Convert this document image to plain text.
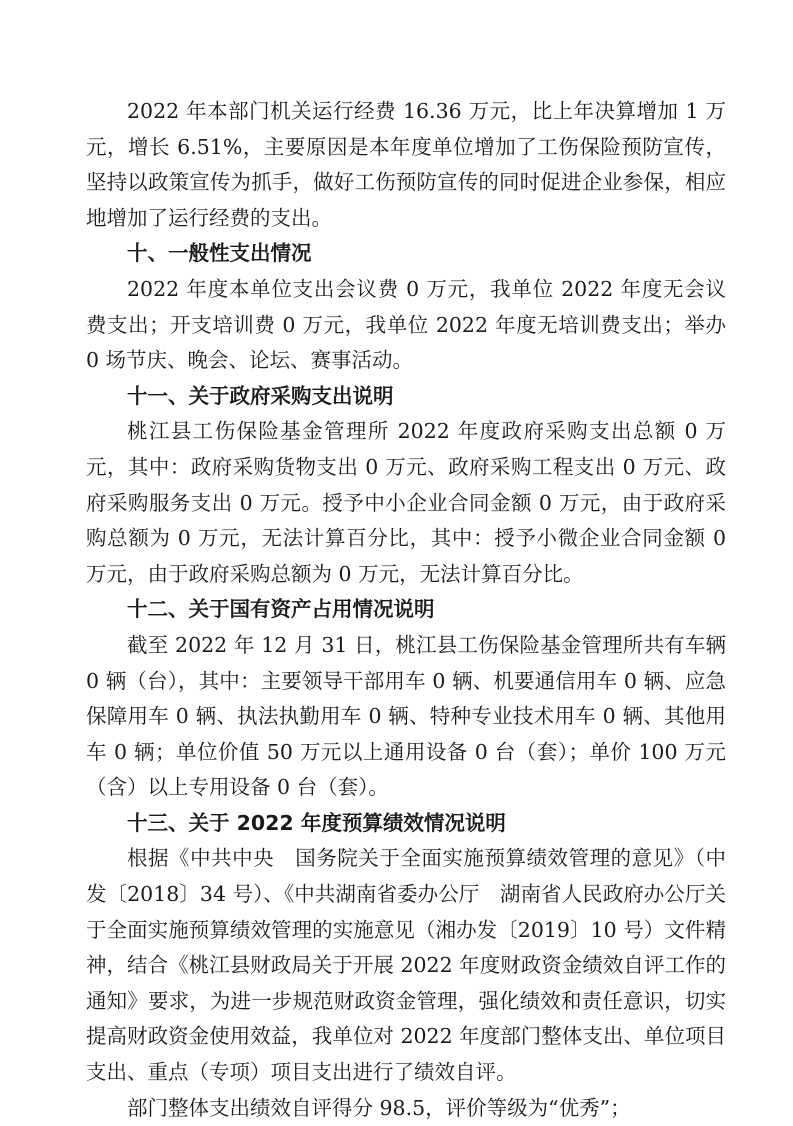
2022 年本部门机关运行经费 16.36 万元，比上年决算增加 1 万元，增长 6.51%，主要原因是本年度单位增加了工伤保险预防宣传，坚持以政策宣传为抓手，做好工伤预防宣传的同时促进企业参保，相应地增加了运行经费的支出。

十、一般性支出情况

2022 年度本单位支出会议费 0 万元，我单位 2022 年度无会议费支出；开支培训费 0 万元，我单位 2022 年度无培训费支出；举办 0 场节庆、晚会、论坛、赛事活动。

十一、关于政府采购支出说明

桃江县工伤保险基金管理所 2022 年度政府采购支出总额 0 万元，其中：政府采购货物支出 0 万元、政府采购工程支出 0 万元、政府采购服务支出 0 万元。授予中小企业合同金额 0 万元，由于政府采购总额为 0 万元，无法计算百分比，其中：授予小微企业合同金额 0 万元，由于政府采购总额为 0 万元，无法计算百分比。

十二、关于国有资产占用情况说明

截至 2022 年 12 月 31 日，桃江县工伤保险基金管理所共有车辆 0 辆（台），其中：主要领导干部用车 0 辆、机要通信用车 0 辆、应急保障用车 0 辆、执法执勤用车 0 辆、特种专业技术用车 0 辆、其他用车 0 辆；单位价值 50 万元以上通用设备 0 台（套）；单价 100 万元（含）以上专用设备 0 台（套）。

十三、关于 2022 年度预算绩效情况说明

根据《中共中央　国务院关于全面实施预算绩效管理的意见》（中发〔2018〕34 号）、《中共湖南省委办公厅　湖南省人民政府办公厅关于全面实施预算绩效管理的实施意见（湘办发〔2019〕10 号）文件精神，结合《桃江县财政局关于开展 2022 年度财政资金绩效自评工作的通知》要求，为进一步规范财政资金管理，强化绩效和责任意识，切实提高财政资金使用效益，我单位对 2022 年度部门整体支出、单位项目支出、重点（专项）项目支出进行了绩效自评。

部门整体支出绩效自评得分 98.5，评价等级为“优秀”；
